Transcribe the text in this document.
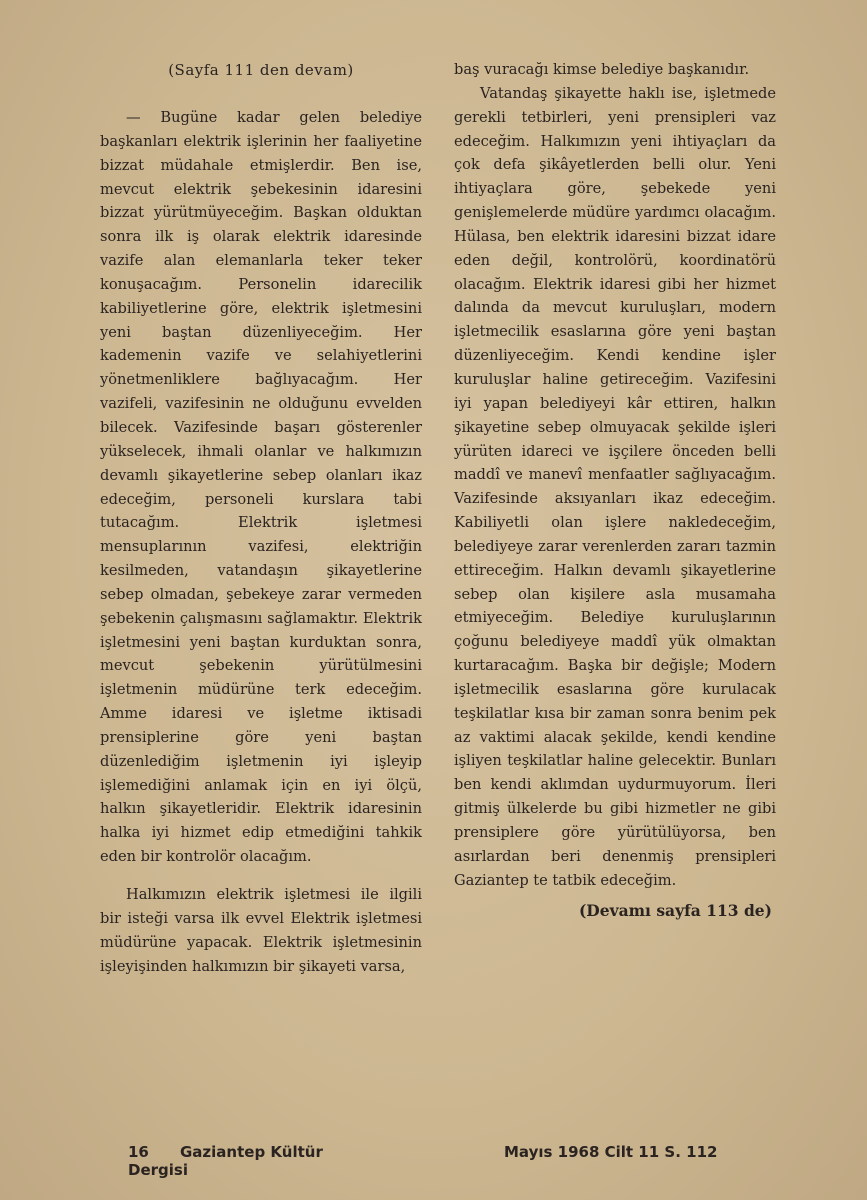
(Sayfa 111 den devam)

— Bugüne kadar gelen belediye başkanları elektrik işlerinin her faaliyetine bizzat müdahale etmişlerdir. Ben ise, mevcut elektrik şebekesinin idaresini bizzat yürütmüyeceğim. Başkan olduktan sonra ilk iş olarak elektrik idaresinde vazife alan elemanlarla teker teker konuşacağım. Personelin idarecilik kabiliyetlerine göre, elektrik işletmesini yeni baştan düzenliyeceğim. Her kademenin vazife ve selahiyetlerini yönetmenliklere bağlıyacağım. Her vazifeli, vazifesinin ne olduğunu evvelden bilecek. Vazifesinde başarı gösterenler yükselecek, ihmali olanlar ve halkımızın devamlı şikayetlerine sebep olanları ikaz edeceğim, personeli kurslara tabi tutacağım. Elektrik işletmesi mensuplarının vazifesi, elektriğin kesilmeden, vatandaşın şikayetlerine sebep olmadan, şebekeye zarar vermeden şebekenin çalışmasını sağlamaktır. Elektrik işletmesini yeni baştan kurduktan sonra, mevcut şebekenin yürütülmesini işletmenin müdürüne terk edeceğim. Amme idaresi ve işletme iktisadi prensiplerine göre yeni baştan düzenlediğim işletmenin iyi işleyip işlemediğini anlamak için en iyi ölçü, halkın şikayetleridir. Elektrik idaresinin halka iyi hizmet edip etmediğini tahkik eden bir kontrolör olacağım.

Halkımızın elektrik işletmesi ile ilgili bir isteği varsa ilk evvel Elektrik işletmesi müdürüne yapacak. Elektrik işletmesinin işleyişinden halkımızın bir şikayeti varsa,

baş vuracağı kimse belediye başkanıdır.

Vatandaş şikayette haklı ise, işletmede gerekli tetbirleri, yeni prensipleri vaz edeceğim. Halkımızın yeni ihtiyaçları da çok defa şikâyetlerden belli olur. Yeni ihtiyaçlara göre, şebekede yeni genişlemelerde müdüre yardımcı olacağım. Hülasa, ben elektrik idaresini bizzat idare eden değil, kontrolörü, koordinatörü olacağım. Elektrik idaresi gibi her hizmet dalında da mevcut kuruluşları, modern işletmecilik esaslarına göre yeni baştan düzenliyeceğim. Kendi kendine işler kuruluşlar haline getireceğim. Vazifesini iyi yapan belediyeyi kâr ettiren, halkın şikayetine sebep olmuyacak şekilde işleri yürüten idareci ve işçilere önceden belli maddî ve manevî menfaatler sağlıyacağım. Vazifesinde aksıyanları ikaz edeceğim. Kabiliyetli olan işlere nakledeceğim, belediyeye zarar verenlerden zararı tazmin ettireceğim. Halkın devamlı şikayetlerine sebep olan kişilere asla musamaha etmiyeceğim. Belediye kuruluşlarının çoğunu belediyeye maddî yük olmaktan kurtaracağım. Başka bir değişle; Modern işletmecilik esaslarına göre kurulacak teşkilatlar kısa bir zaman sonra benim pek az vaktimi alacak şekilde, kendi kendine işliyen teşkilatlar haline gelecektir. Bunları ben kendi aklımdan uydurmuyorum. İleri gitmiş ülkelerde bu gibi hizmetler ne gibi prensiplere göre yürütülüyorsa, ben asırlardan beri denenmiş prensipleri Gaziantep te tatbik edeceğim.

(Devamı sayfa 113 de)
16 Gaziantep Kültür Dergisi
Mayıs 1968 Cilt 11 S. 112
